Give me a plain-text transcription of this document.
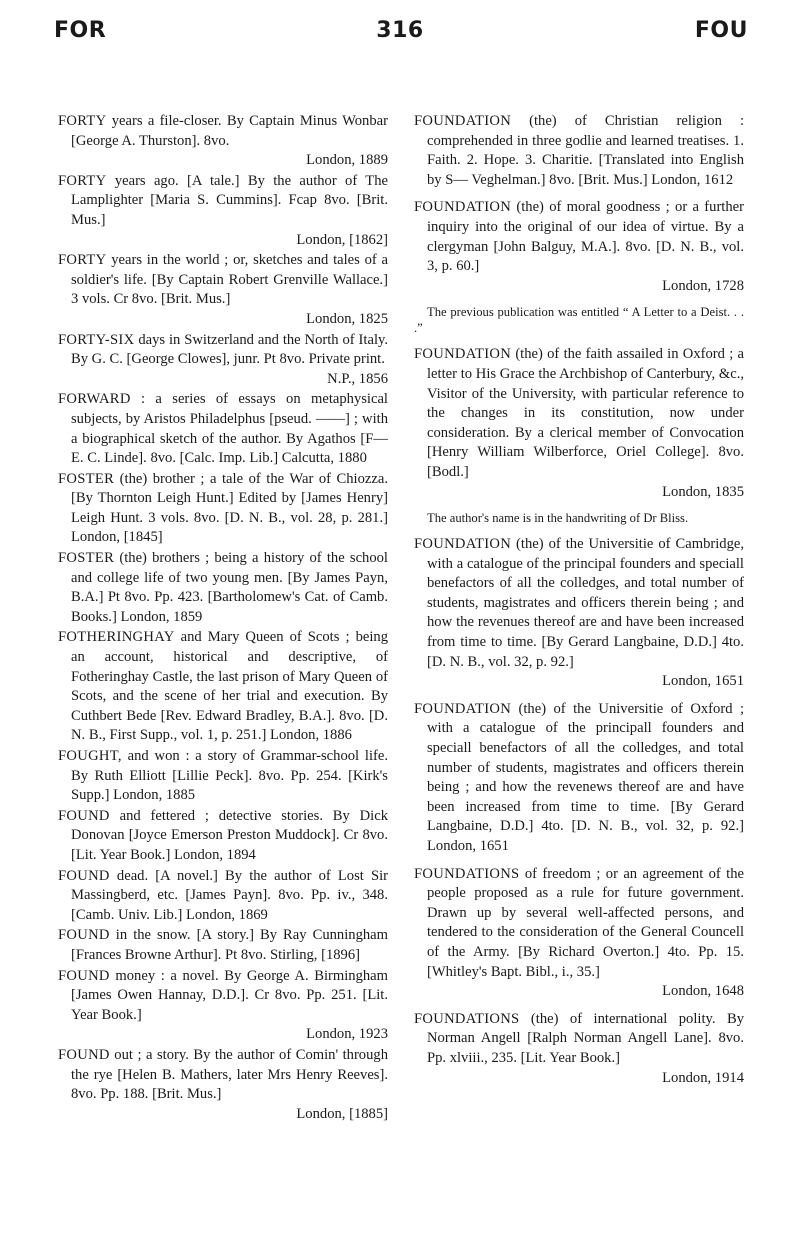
FOR	316	FOU

FORTY years a file-closer. By Captain Minus Wonbar [George A. Thurston]. 8vo.
London, 1889

FORTY years ago. [A tale.] By the author of The Lamplighter [Maria S. Cummins]. Fcap 8vo. [Brit. Mus.]
London, [1862]

FORTY years in the world ; or, sketches and tales of a soldier's life. [By Captain Robert Grenville Wallace.] 3 vols. Cr 8vo. [Brit. Mus.]
London, 1825

FORTY-SIX days in Switzerland and the North of Italy. By G. C. [George Clowes], junr. Pt 8vo. Private print.
N.P., 1856

FORWARD : a series of essays on metaphysical subjects, by Aristos Philadelphus [pseud. ——] ; with a biographical sketch of the author. By Agathos [F— E. C. Linde]. 8vo. [Calc. Imp. Lib.] Calcutta, 1880

FOSTER (the) brother ; a tale of the War of Chiozza. [By Thornton Leigh Hunt.] Edited by [James Henry] Leigh Hunt. 3 vols. 8vo. [D. N. B., vol. 28, p. 281.] London, [1845]

FOSTER (the) brothers ; being a history of the school and college life of two young men. [By James Payn, B.A.] Pt 8vo. Pp. 423. [Bartholomew's Cat. of Camb. Books.] London, 1859

FOTHERINGHAY and Mary Queen of Scots ; being an account, historical and descriptive, of Fotheringhay Castle, the last prison of Mary Queen of Scots, and the scene of her trial and execution. By Cuthbert Bede [Rev. Edward Bradley, B.A.]. 8vo. [D. N. B., First Supp., vol. 1, p. 251.] London, 1886

FOUGHT, and won : a story of Grammar-school life. By Ruth Elliott [Lillie Peck]. 8vo. Pp. 254. [Kirk's Supp.] London, 1885

FOUND and fettered ; detective stories. By Dick Donovan [Joyce Emerson Preston Muddock]. Cr 8vo. [Lit. Year Book.] London, 1894

FOUND dead. [A novel.] By the author of Lost Sir Massingberd, etc. [James Payn]. 8vo. Pp. iv., 348. [Camb. Univ. Lib.] London, 1869

FOUND in the snow. [A story.] By Ray Cunningham [Frances Browne Arthur]. Pt 8vo. Stirling, [1896]

FOUND money : a novel. By George A. Birmingham [James Owen Hannay, D.D.]. Cr 8vo. Pp. 251. [Lit. Year Book.]
London, 1923

FOUND out ; a story. By the author of Comin' through the rye [Helen B. Mathers, later Mrs Henry Reeves]. 8vo. Pp. 188. [Brit. Mus.]
London, [1885]

FOUNDATION (the) of Christian religion : comprehended in three godlie and learned treatises. 1. Faith. 2. Hope. 3. Charitie. [Translated into English by S— Veghelman.] 8vo. [Brit. Mus.] London, 1612

FOUNDATION (the) of moral goodness ; or a further inquiry into the original of our idea of virtue. By a clergyman [John Balguy, M.A.]. 8vo. [D. N. B., vol. 3, p. 60.]
London, 1728

The previous publication was entitled “ A Letter to a Deist. . . .”

FOUNDATION (the) of the faith assailed in Oxford ; a letter to His Grace the Archbishop of Canterbury, &c., Visitor of the University, with particular reference to the changes in its constitution, now under consideration. By a clerical member of Convocation [Henry William Wilberforce, Oriel College]. 8vo. [Bodl.]
London, 1835

The author's name is in the handwriting of Dr Bliss.

FOUNDATION (the) of the Universitie of Cambridge, with a catalogue of the principal founders and speciall benefactors of all the colledges, and total number of students, magistrates and officers therein being ; and how the revenues thereof are and have been increased from time to time. [By Gerard Langbaine, D.D.] 4to. [D. N. B., vol. 32, p. 92.]
London, 1651

FOUNDATION (the) of the Universitie of Oxford ; with a catalogue of the principall founders and speciall benefactors of all the colledges, and total number of students, magistrates and officers therein being ; and how the revenews thereof are and have been increased from time to time. [By Gerard Langbaine, D.D.] 4to. [D. N. B., vol. 32, p. 92.] London, 1651

FOUNDATIONS of freedom ; or an agreement of the people proposed as a rule for future government. Drawn up by several well-affected persons, and tendered to the consideration of the General Councell of the Army. [By Richard Overton.] 4to. Pp. 15. [Whitley's Bapt. Bibl., i., 35.]
London, 1648

FOUNDATIONS (the) of international polity. By Norman Angell [Ralph Norman Angell Lane]. 8vo. Pp. xlviii., 235. [Lit. Year Book.]
London, 1914
